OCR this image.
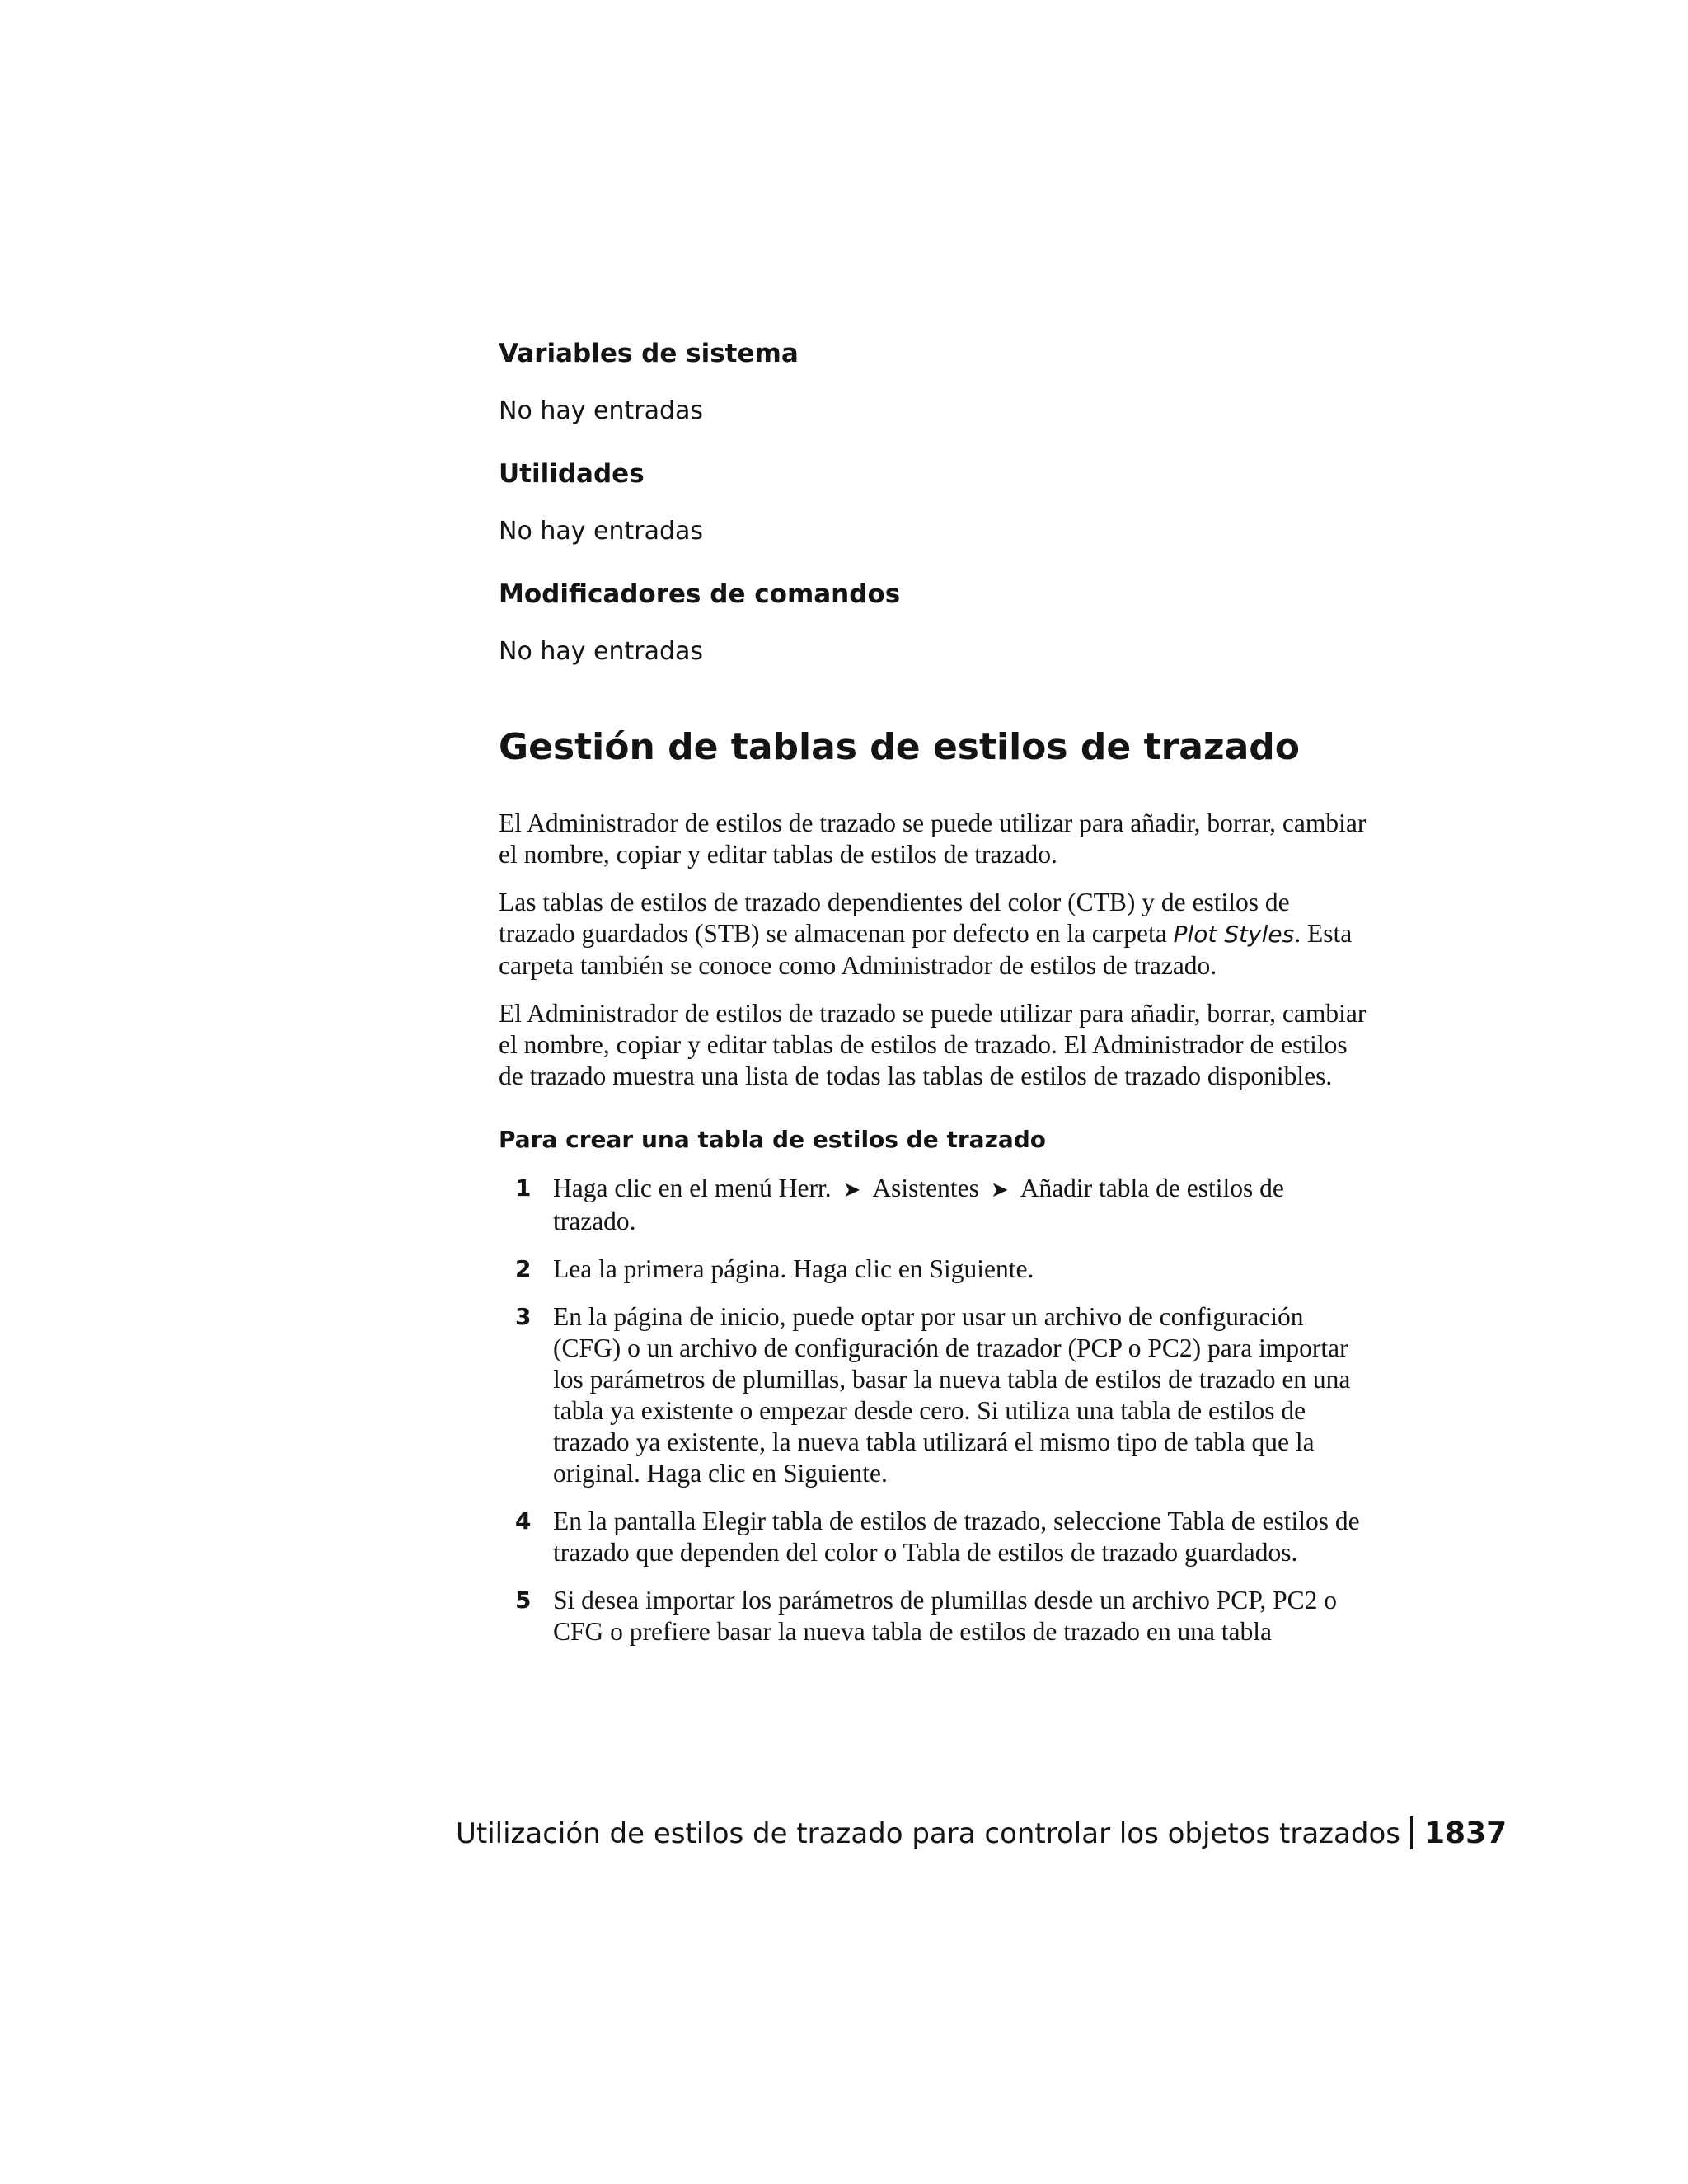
Variables de sistema

No hay entradas

Utilidades

No hay entradas

Modificadores de comandos

No hay entradas

Gestión de tablas de estilos de trazado

El Administrador de estilos de trazado se puede utilizar para añadir, borrar, cambiar el nombre, copiar y editar tablas de estilos de trazado.

Las tablas de estilos de trazado dependientes del color (CTB) y de estilos de trazado guardados (STB) se almacenan por defecto en la carpeta Plot Styles. Esta carpeta también se conoce como Administrador de estilos de trazado.

El Administrador de estilos de trazado se puede utilizar para añadir, borrar, cambiar el nombre, copiar y editar tablas de estilos de trazado. El Administrador de estilos de trazado muestra una lista de todas las tablas de estilos de trazado disponibles.

Para crear una tabla de estilos de trazado

1 Haga clic en el menú Herr. ➤ Asistentes ➤ Añadir tabla de estilos de trazado.
2 Lea la primera página. Haga clic en Siguiente.
3 En la página de inicio, puede optar por usar un archivo de configuración (CFG) o un archivo de configuración de trazador (PCP o PC2) para importar los parámetros de plumillas, basar la nueva tabla de estilos de trazado en una tabla ya existente o empezar desde cero. Si utiliza una tabla de estilos de trazado ya existente, la nueva tabla utilizará el mismo tipo de tabla que la original. Haga clic en Siguiente.
4 En la pantalla Elegir tabla de estilos de trazado, seleccione Tabla de estilos de trazado que dependen del color o Tabla de estilos de trazado guardados.
5 Si desea importar los parámetros de plumillas desde un archivo PCP, PC2 o CFG o prefiere basar la nueva tabla de estilos de trazado en una tabla
Utilización de estilos de trazado para controlar los objetos trazados 1837
